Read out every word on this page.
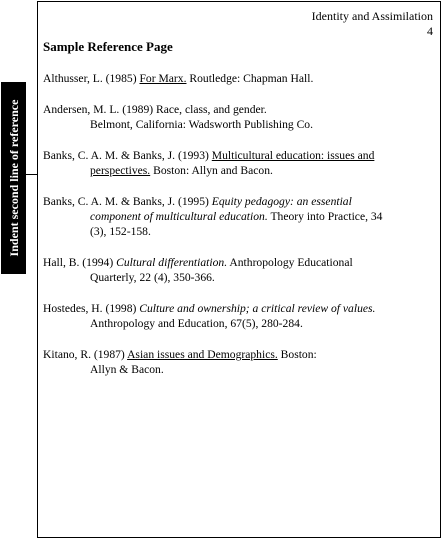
Indent second line of reference
Identity and Assimilation
4
Sample Reference Page
Althusser, L. (1985) For Marx. Routledge: Chapman Hall.
Andersen, M. L. (1989) Race, class, and gender.
Belmont, California: Wadsworth Publishing Co.
Banks, C. A. M. & Banks, J. (1993) Multicultural education: issues and
perspectives. Boston: Allyn and Bacon.
Banks, C. A. M. & Banks, J. (1995) Equity pedagogy: an essential
component of multicultural education. Theory into Practice, 34
(3), 152-158.
Hall, B. (1994) Cultural differentiation. Anthropology Educational
Quarterly, 22 (4), 350-366.
Hostedes, H. (1998) Culture and ownership; a critical review of values.
Anthropology and Education, 67(5), 280-284.
Kitano, R. (1987) Asian issues and Demographics. Boston:
Allyn & Bacon.
